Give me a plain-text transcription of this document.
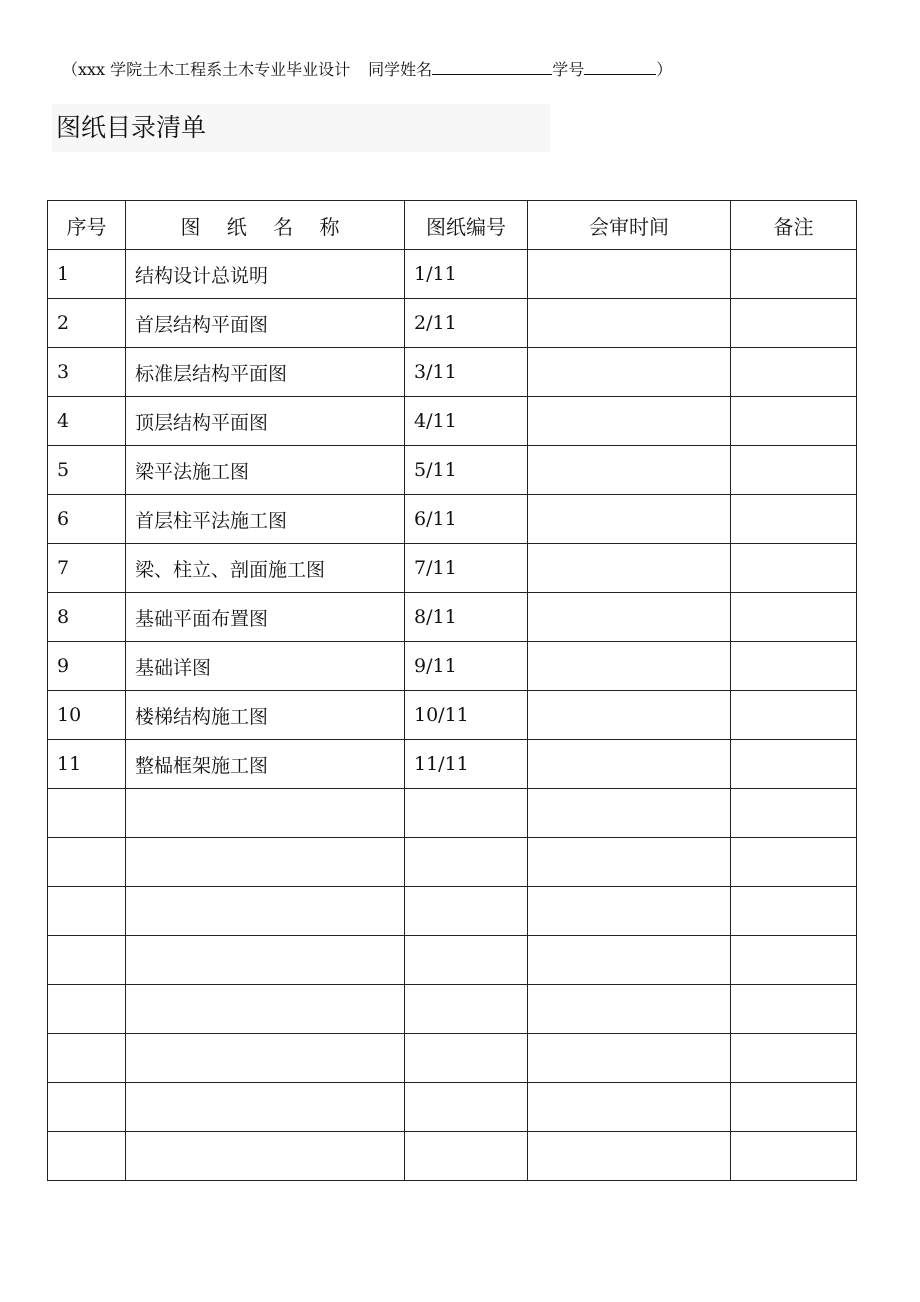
（xxx 学院土木工程系土木专业毕业设计 同学姓名	学号	）
图纸目录清单
序号	图 纸 名 称	图纸编号	会审时间	备注
1	结构设计总说明	1/11		
2	首层结构平面图	2/11		
3	标准层结构平面图	3/11		
4	顶层结构平面图	4/11		
5	梁平法施工图	5/11		
6	首层柱平法施工图	6/11		
7	梁、柱立、剖面施工图	7/11		
8	基础平面布置图	8/11		
9	基础详图	9/11		
10	楼梯结构施工图	10/11		
11	整榀框架施工图	11/11		
